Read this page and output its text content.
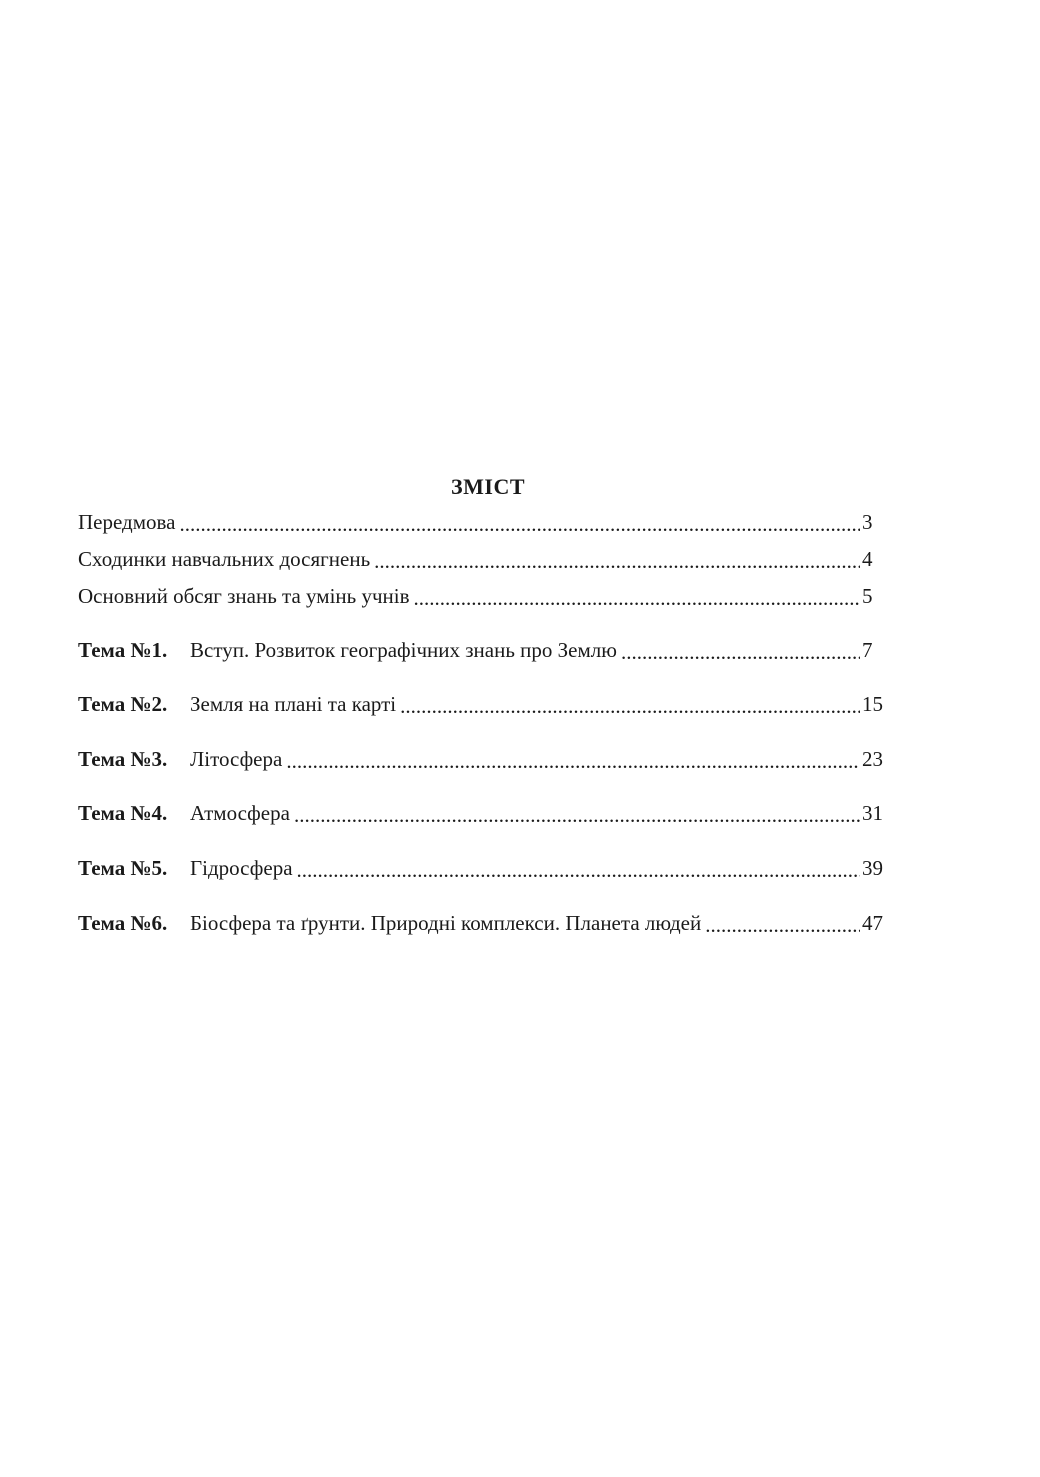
ЗМІСТ
Передмова .....	3
Сходинки навчальних досягнень .....	4
Основний обсяг знань та умінь учнів .....	5
Тема №1. Вступ. Розвиток географічних знань про Землю .....	7
Тема №2. Земля на плані та карті .....	15
Тема №3. Літосфера .....	23
Тема №4. Атмосфера .....	31
Тема №5. Гідросфера .....	39
Тема №6. Біосфера та ґрунти. Природні комплекси. Планета людей .....	47
